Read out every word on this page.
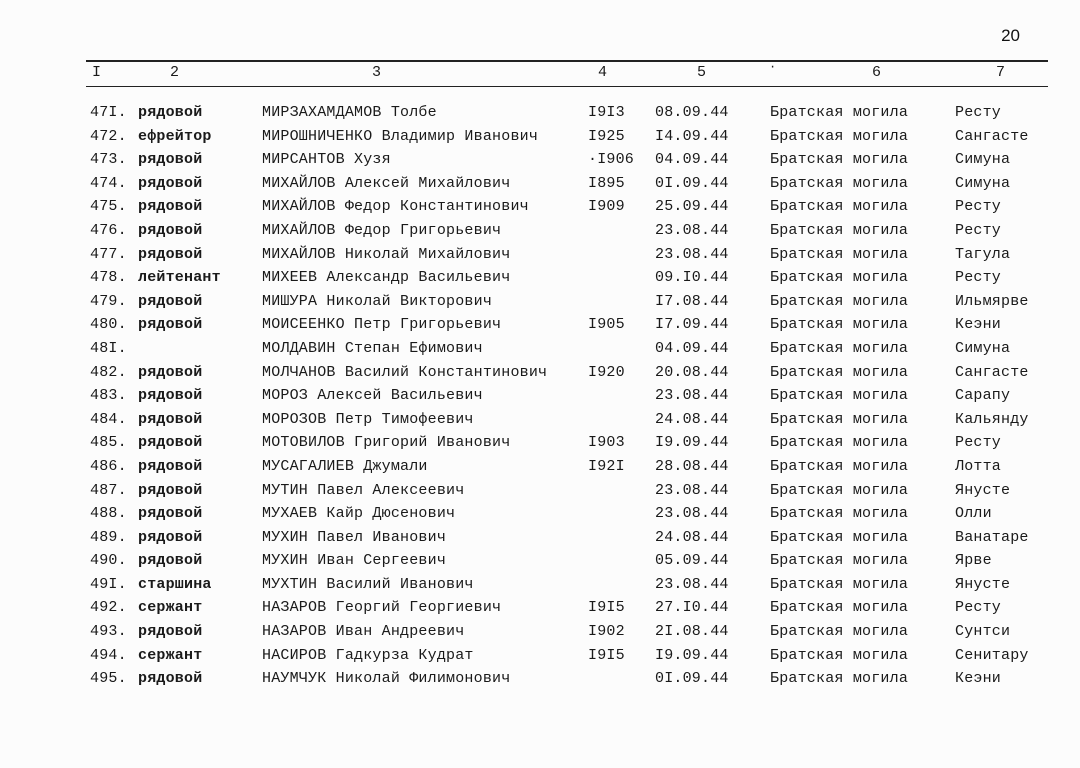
20
I	2	3	4	5	·	6	7
47I. рядовой	МИРЗАХАМДАМОВ Толбе	I9I3 08.09.44	Братская могила	Ресту
472. ефрейтор	МИРОШНИЧЕНКО Владимир Иванович	I925 I4.09.44	Братская могила	Сангасте
473. рядовой	МИРСАНТОВ Хузя	·I906 04.09.44	Братская могила	Симуна
474. рядовой	МИХАЙЛОВ Алексей Михайлович	I895 0I.09.44	Братская могила	Симуна
475. рядовой	МИХАЙЛОВ Федор Константинович	I909 25.09.44	Братская могила	Ресту
476. рядовой	МИХАЙЛОВ Федор Григорьевич	23.08.44	Братская могила	Ресту
477. рядовой	МИХАЙЛОВ Николай Михайлович	23.08.44	Братская могила	Тагула
478. лейтенант	МИХЕЕВ Александр Васильевич	09.I0.44	Братская могила	Ресту
479. рядовой	МИШУРА Николай Викторович	I7.08.44	Братская могила	Ильмярве
480. рядовой	МОИСЕЕНКО Петр Григорьевич	I905 I7.09.44	Братская могила	Кеэни
48I.	МОЛДАВИН Степан Ефимович	04.09.44	Братская могила	Симуна
482. рядовой	МОЛЧАНОВ Василий Константинович	I920 20.08.44	Братская могила	Сангасте
483. рядовой	МОРОЗ Алексей Васильевич	23.08.44	Братская могила	Сарапу
484. рядовой	МОРОЗОВ Петр Тимофеевич	24.08.44	Братская могила	Кальянду
485. рядовой	МОТОВИЛОВ Григорий Иванович	I903 I9.09.44	Братская могила	Ресту
486. рядовой	МУСАГАЛИЕВ Джумали	I92I 28.08.44	Братская могила	Лотта
487. рядовой	МУТИН Павел Алексеевич	23.08.44	Братская могила	Янусте
488. рядовой	МУХАЕВ Кайр Дюсенович	23.08.44	Братская могила	Олли
489. рядовой	МУХИН Павел Иванович	24.08.44	Братская могила	Ванатаре
490. рядовой	МУХИН Иван Сергеевич	05.09.44	Братская могила	Ярве
49I. старшина	МУХТИН Василий Иванович	23.08.44	Братская могила	Янусте
492. сержант	НАЗАРОВ Георгий Георгиевич	I9I5 27.I0.44	Братская могила	Ресту
493. рядовой	НАЗАРОВ Иван Андреевич	I902 2I.08.44	Братская могила	Сунтси
494. сержант	НАСИРОВ Гадкурза Кудрат	I9I5 I9.09.44	Братская могила	Сенитару
495. рядовой	НАУМЧУК Николай Филимонович	0I.09.44	Братская могила	Кеэни
